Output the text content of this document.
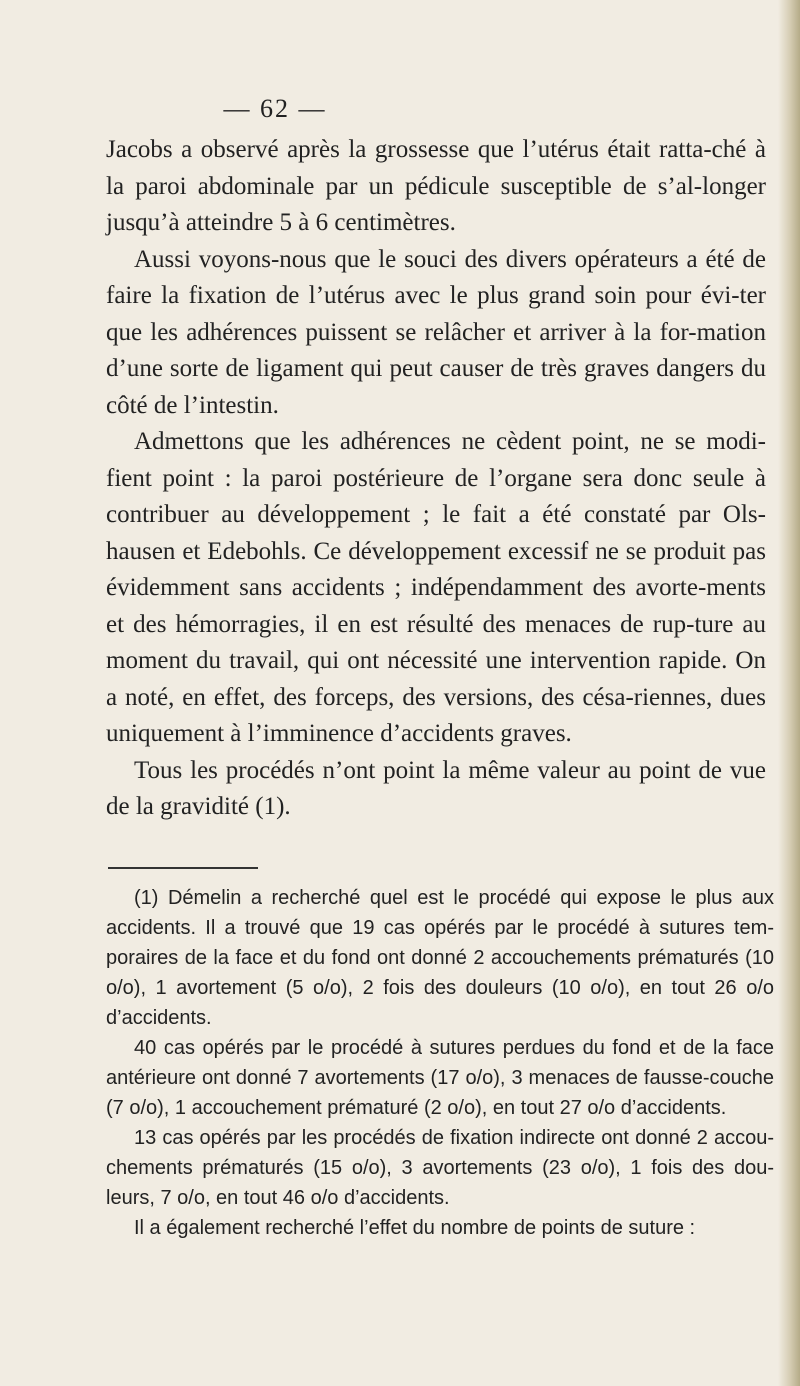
— 62 —

Jacobs a observé après la grossesse que l’utérus était ratta-ché à la paroi abdominale par un pédicule susceptible de s’al-longer jusqu’à atteindre 5 à 6 centimètres.

Aussi voyons-nous que le souci des divers opérateurs a été de faire la fixation de l’utérus avec le plus grand soin pour évi-ter que les adhérences puissent se relâcher et arriver à la for-mation d’une sorte de ligament qui peut causer de très graves dangers du côté de l’intestin.

Admettons que les adhérences ne cèdent point, ne se modi-fient point : la paroi postérieure de l’organe sera donc seule à contribuer au développement ; le fait a été constaté par Ols-hausen et Edebohls. Ce développement excessif ne se produit pas évidemment sans accidents ; indépendamment des avorte-ments et des hémorragies, il en est résulté des menaces de rup-ture au moment du travail, qui ont nécessité une intervention rapide. On a noté, en effet, des forceps, des versions, des césa-riennes, dues uniquement à l’imminence d’accidents graves.

Tous les procédés n’ont point la même valeur au point de vue de la gravidité (1).

(1) Démelin a recherché quel est le procédé qui expose le plus aux accidents. Il a trouvé que 19 cas opérés par le procédé à sutures tem-poraires de la face et du fond ont donné 2 accouchements prématurés (10 o/o), 1 avortement (5 o/o), 2 fois des douleurs (10 o/o), en tout 26 o/o d’accidents.

40 cas opérés par le procédé à sutures perdues du fond et de la face antérieure ont donné 7 avortements (17 o/o), 3 menaces de fausse-couche (7 o/o), 1 accouchement prématuré (2 o/o), en tout 27 o/o d’accidents.

13 cas opérés par les procédés de fixation indirecte ont donné 2 accou-chements prématurés (15 o/o), 3 avortements (23 o/o), 1 fois des dou-leurs, 7 o/o, en tout 46 o/o d’accidents.

Il a également recherché l’effet du nombre de points de suture :
